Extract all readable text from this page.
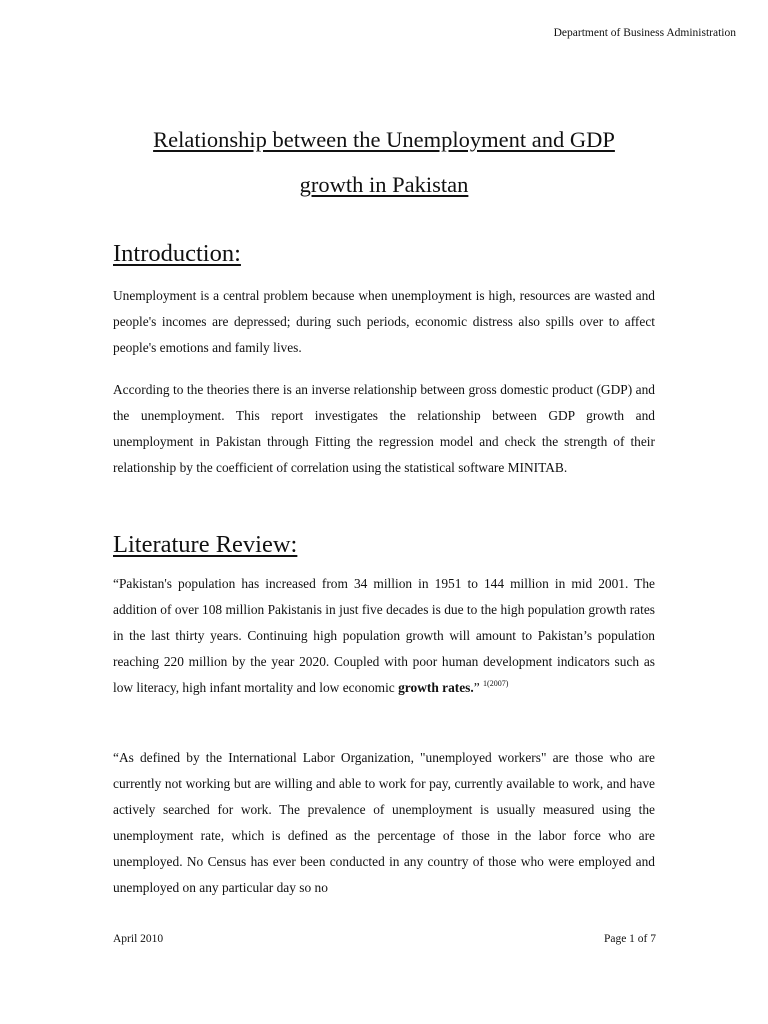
Department of Business Administration
Relationship between the Unemployment and GDP
growth in Pakistan
Introduction:

Unemployment is a central problem because when unemployment is high, resources are wasted and people's incomes are depressed; during such periods, economic distress also spills over to affect people's emotions and family lives.

According to the theories there is an inverse relationship between gross domestic product (GDP) and the unemployment. This report investigates the relationship between GDP growth and unemployment in Pakistan through Fitting the regression model and check the strength of their relationship by the coefficient of correlation using the statistical software MINITAB.

Literature Review:

“Pakistan's population has increased from 34 million in 1951 to 144 million in mid 2001. The addition of over 108 million Pakistanis in just five decades is due to the high population growth rates in the last thirty years. Continuing high population growth will amount to Pakistan’s population reaching 220 million by the year 2020. Coupled with poor human development indicators such as low literacy, high infant mortality and low economic growth rates.” $^{1(2007)}$

“As defined by the International Labor Organization, "unemployed workers" are those who are currently not working but are willing and able to work for pay, currently available to work, and have actively searched for work. The prevalence of unemployment is usually measured using the unemployment rate, which is defined as the percentage of those in the labor force who are unemployed. No Census has ever been conducted in any country of those who were employed and unemployed on any particular day so no

April 2010	Page 1 of 7
